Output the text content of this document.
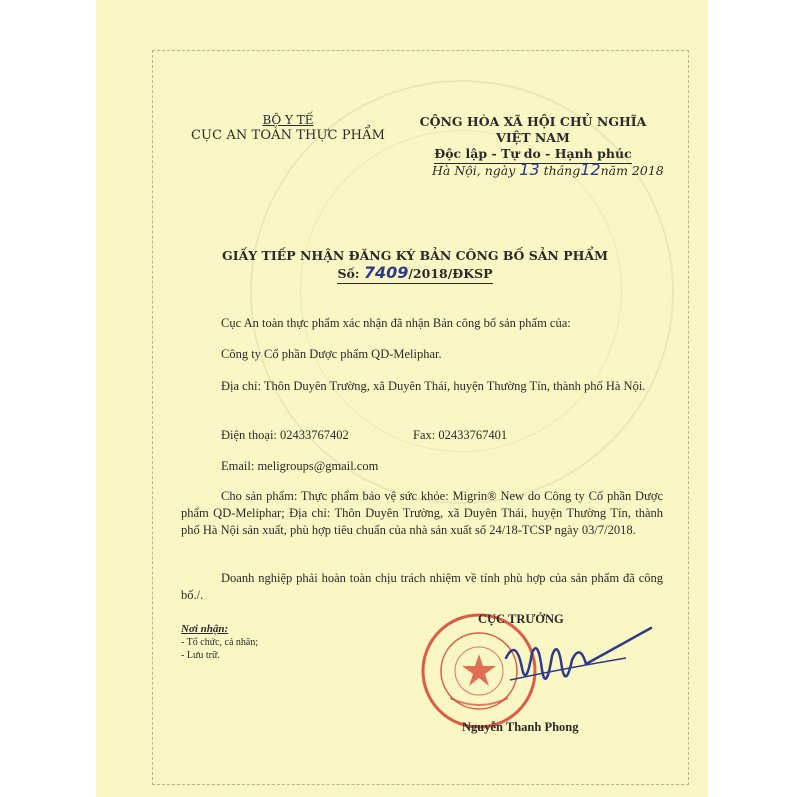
BỘ Y TẾ
CỤC AN TOÀN THỰC PHẨM
CỘNG HÒA XÃ HỘI CHỦ NGHĨA VIỆT NAM
Độc lập - Tự do - Hạnh phúc
Hà Nội, ngày 13 tháng12năm 2018
GIẤY TIẾP NHẬN ĐĂNG KÝ BẢN CÔNG BỐ SẢN PHẨM
Số: 7409/2018/ĐKSP
Cục An toàn thực phẩm xác nhận đã nhận Bản công bố sản phẩm của:
Công ty Cổ phần Dược phẩm QD-Meliphar.
Địa chỉ: Thôn Duyên Trường, xã Duyên Thái, huyện Thường Tín, thành phố Hà Nội.
Điện thoại: 02433767402	Fax: 02433767401
Email: meligroups@gmail.com
Cho sản phẩm: Thực phẩm bảo vệ sức khỏe: Migrin® New do Công ty Cổ phần Dược phẩm QD-Meliphar; Địa chỉ: Thôn Duyên Trường, xã Duyên Thái, huyện Thường Tín, thành phố Hà Nội sản xuất, phù hợp tiêu chuẩn của nhà sản xuất số 24/18-TCSP ngày 03/7/2018.
Doanh nghiệp phải hoàn toàn chịu trách nhiệm về tính phù hợp của sản phẩm đã công bố./.
Nơi nhận:
- Tổ chức, cá nhân;
- Lưu trữ.
CỤC TRƯỞNG
Nguyễn Thanh Phong
